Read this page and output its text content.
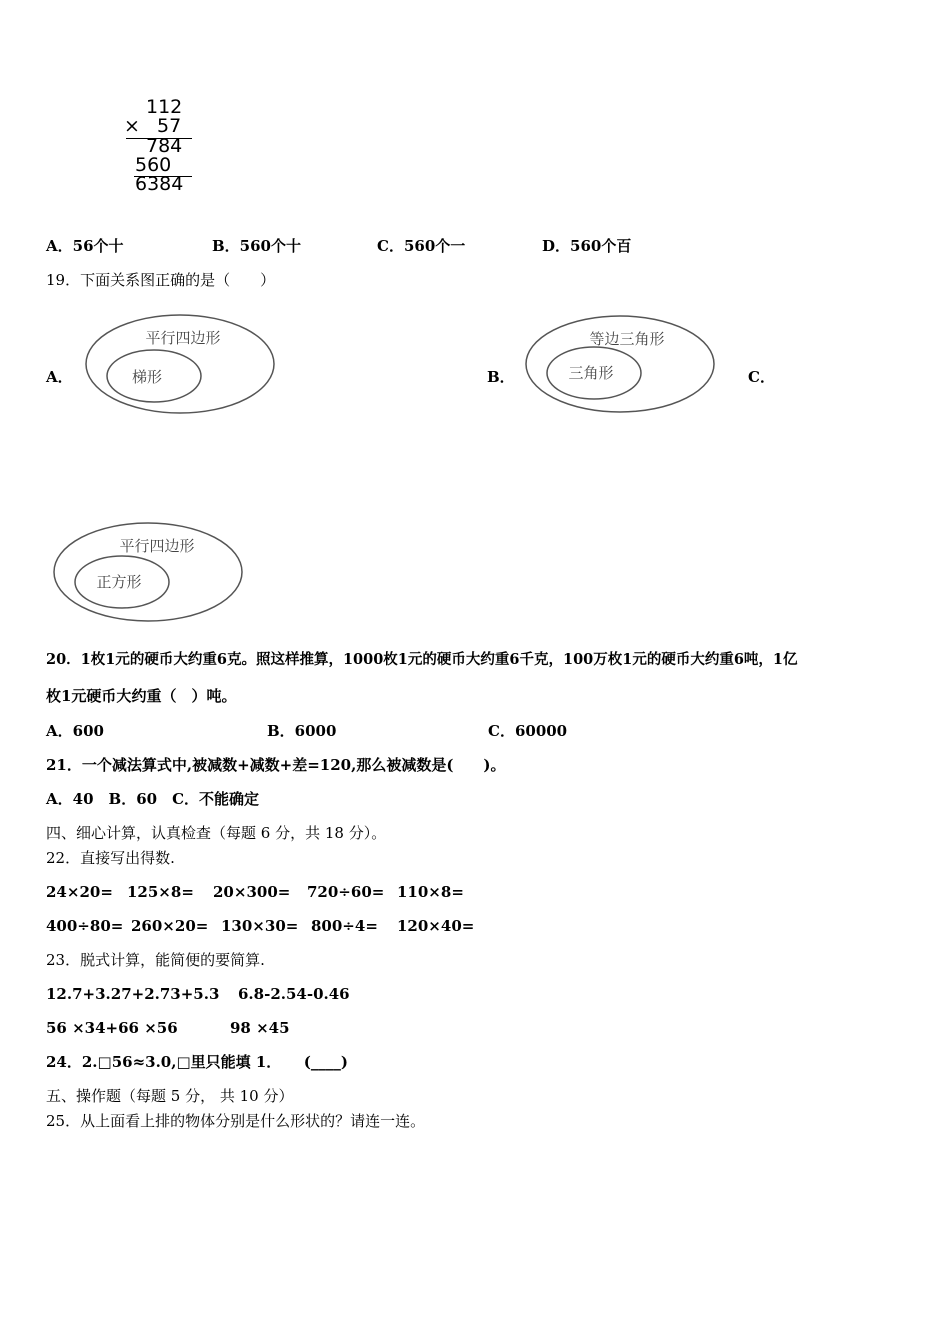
112
× 57
784
560
6384
A．56个十	B．560个十	C．560个一	D．560个百
19．下面关系图正确的是（　　）
A．	B．	C．
平行四边形
梯形
等边三角形
三角形
平行四边形
正方形
20．1枚1元的硬币大约重6克。照这样推算，1000枚1元的硬币大约重6千克，100万枚1元的硬币大约重6吨，1亿
枚1元硬币大约重（　）吨。
A．600	B．6000	C．60000
21．一个减法算式中,被减数+减数+差=120,那么被减数是(　　)。
A．40　B．60　C．不能确定
四、细心计算，认真检查（每题 6 分，共 18 分）。
22．直接写出得数.
24×20= 125×8= 20×300= 720÷60= 110×8=
400÷80= 260×20= 130×30= 800÷4= 120×40=
23．脱式计算，能简便的要简算.
12.7+3.27+2.73+5.3 6.8-2.54-0.46
56 ×34+66 ×56	98 ×45
24．2.□56≈3.0,□里只能填 1．　　(____)
五、操作题（每题 5 分， 共 10 分）
25．从上面看上排的物体分别是什么形状的？请连一连。
